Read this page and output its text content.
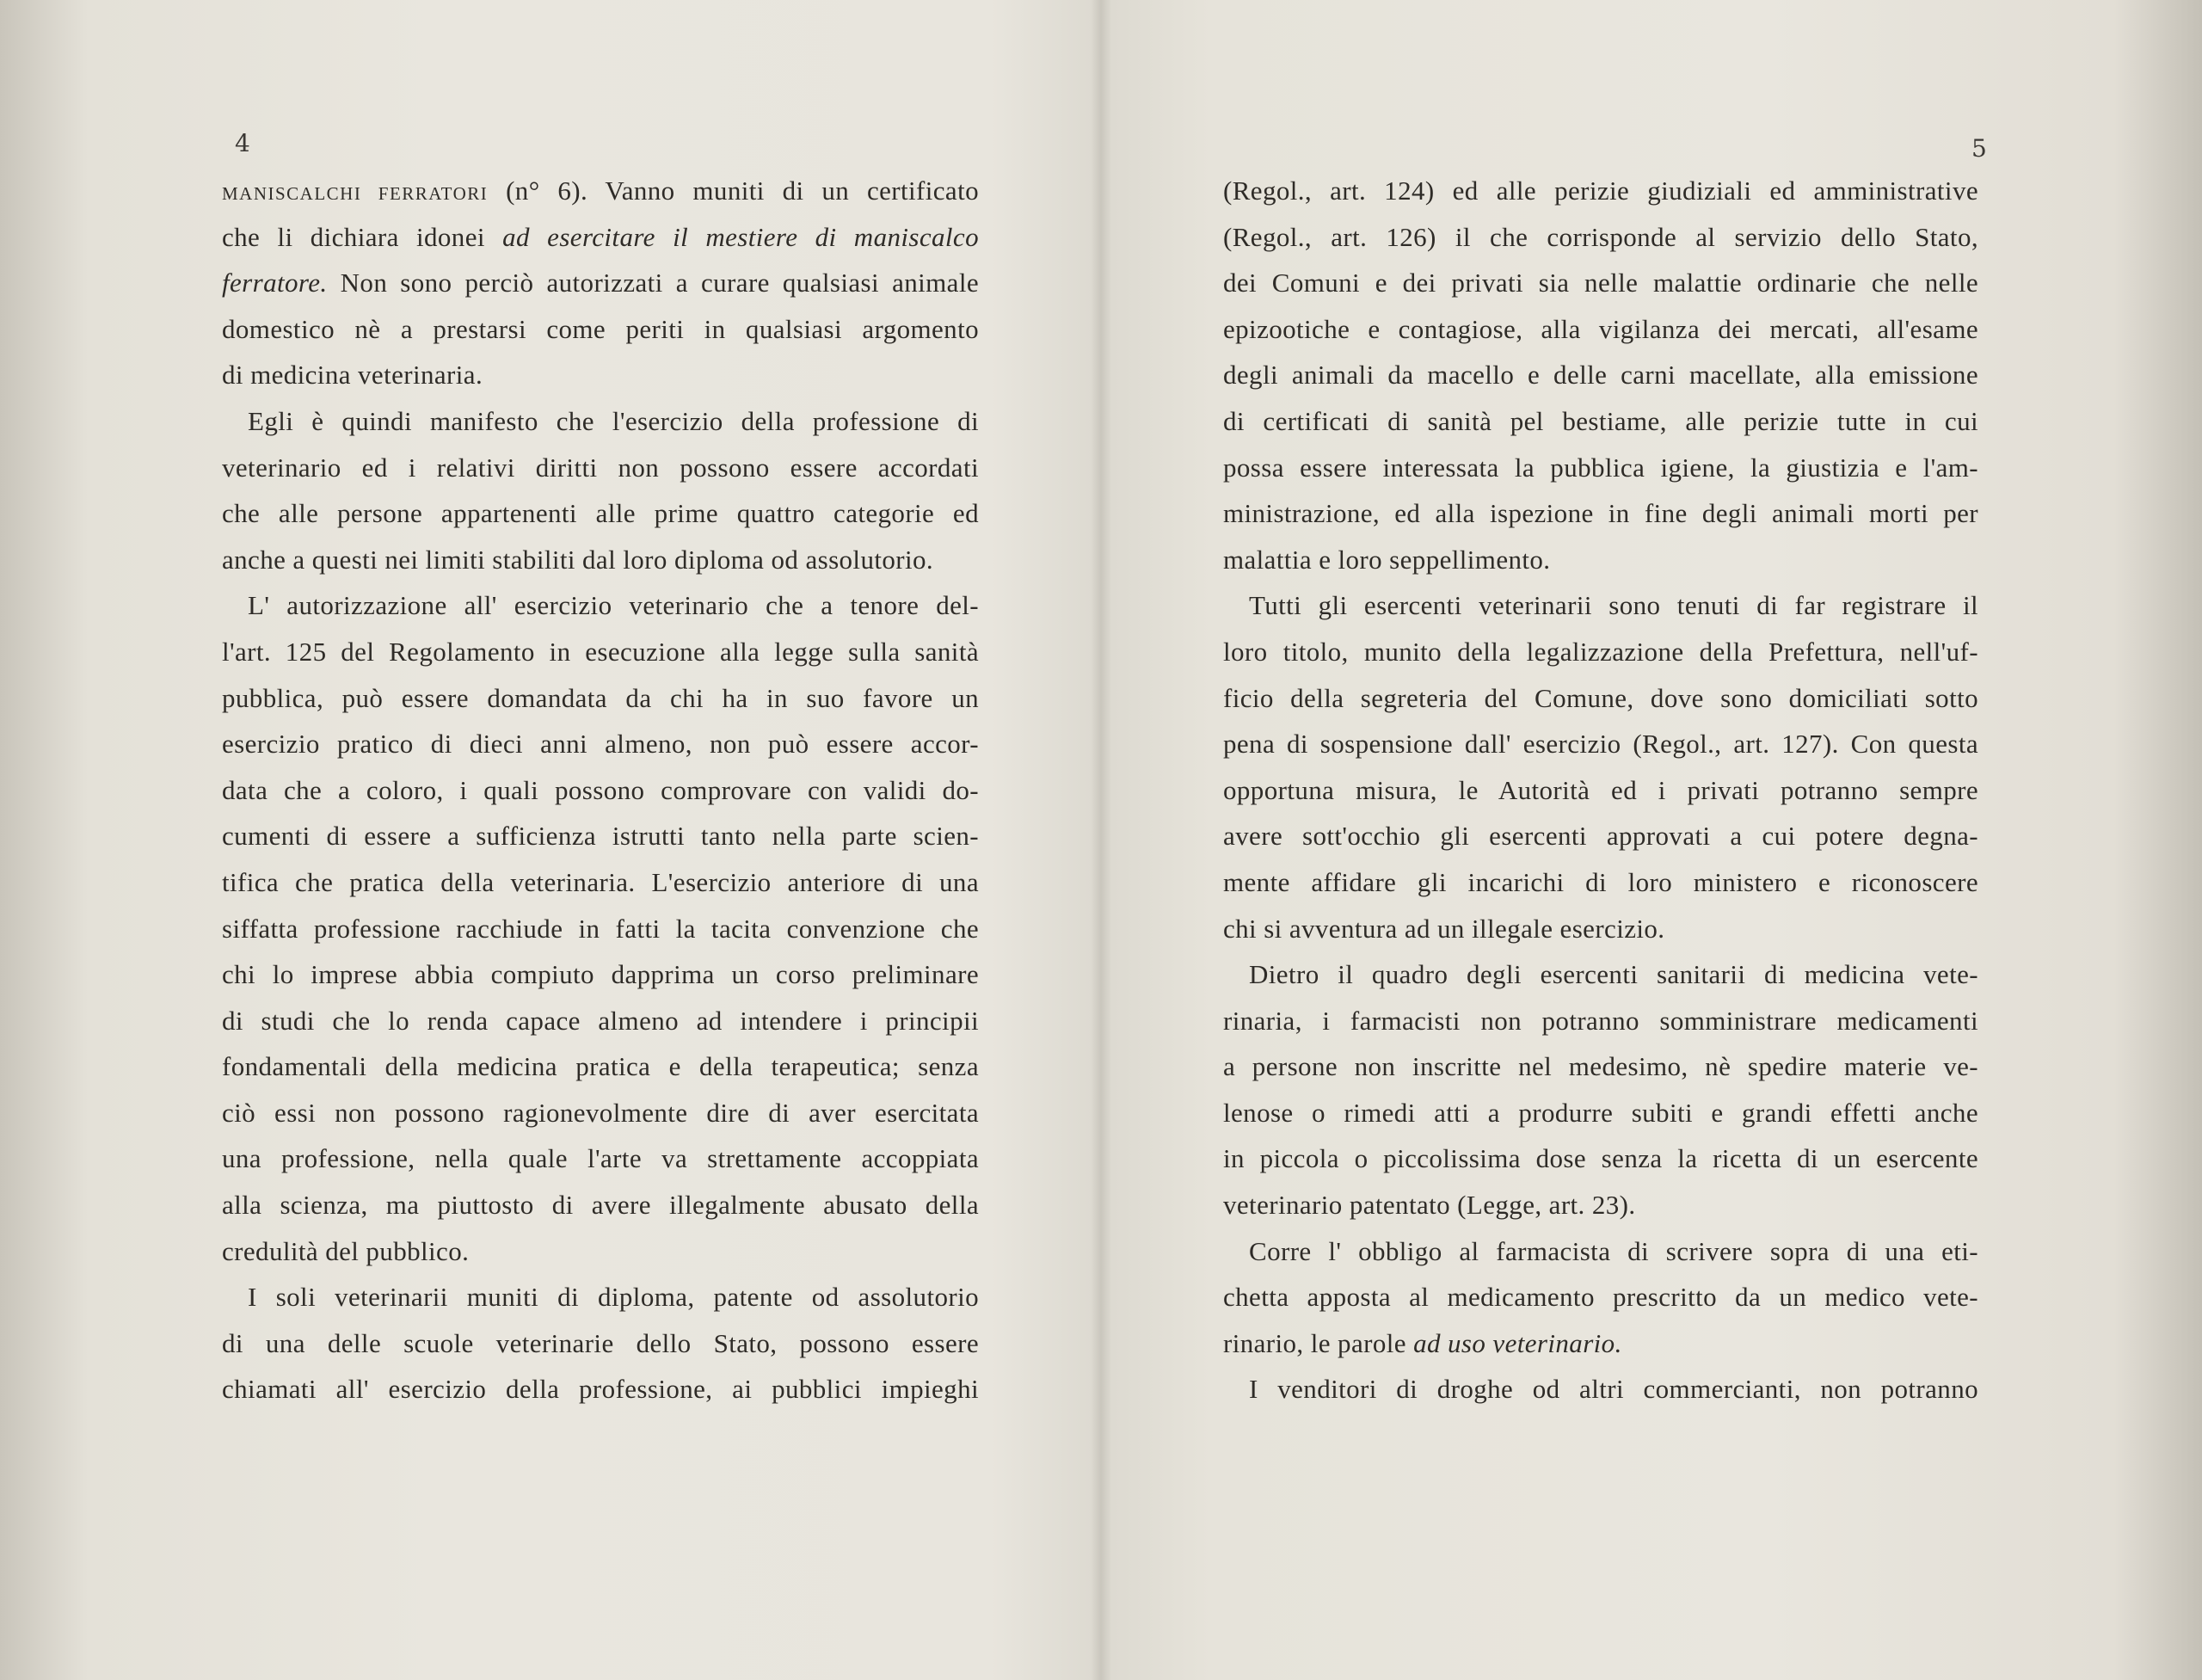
4
MANISCALCHI FERRATORI (n° 6). Vanno muniti di un certificato
che li dichiara idonei ad esercitare il mestiere di maniscalco
ferratore. Non sono perciò autorizzati a curare qualsiasi animale
domestico nè a prestarsi come periti in qualsiasi argomento
di medicina veterinaria.
Egli è quindi manifesto che l'esercizio della professione di
veterinario ed i relativi diritti non possono essere accordati
che alle persone appartenenti alle prime quattro categorie ed
anche a questi nei limiti stabiliti dal loro diploma od assolutorio.
L' autorizzazione all' esercizio veterinario che a tenore del-
l'art. 125 del Regolamento in esecuzione alla legge sulla sanità
pubblica, può essere domandata da chi ha in suo favore un
esercizio pratico di dieci anni almeno, non può essere accor-
data che a coloro, i quali possono comprovare con validi do-
cumenti di essere a sufficienza istrutti tanto nella parte scien-
tifica che pratica della veterinaria. L'esercizio anteriore di una
siffatta professione racchiude in fatti la tacita convenzione che
chi lo imprese abbia compiuto dapprima un corso preliminare
di studi che lo renda capace almeno ad intendere i principii
fondamentali della medicina pratica e della terapeutica; senza
ciò essi non possono ragionevolmente dire di aver esercitata
una professione, nella quale l'arte va strettamente accoppiata
alla scienza, ma piuttosto di avere illegalmente abusato della
credulità del pubblico.
I soli veterinarii muniti di diploma, patente od assolutorio
di una delle scuole veterinarie dello Stato, possono essere
chiamati all' esercizio della professione, ai pubblici impieghi
5
(Regol., art. 124) ed alle perizie giudiziali ed amministrative
(Regol., art. 126) il che corrisponde al servizio dello Stato,
dei Comuni e dei privati sia nelle malattie ordinarie che nelle
epizootiche e contagiose, alla vigilanza dei mercati, all'esame
degli animali da macello e delle carni macellate, alla emissione
di certificati di sanità pel bestiame, alle perizie tutte in cui
possa essere interessata la pubblica igiene, la giustizia e l'am-
ministrazione, ed alla ispezione in fine degli animali morti per
malattia e loro seppellimento.
Tutti gli esercenti veterinarii sono tenuti di far registrare il
loro titolo, munito della legalizzazione della Prefettura, nell'uf-
ficio della segreteria del Comune, dove sono domiciliati sotto
pena di sospensione dall' esercizio (Regol., art. 127). Con questa
opportuna misura, le Autorità ed i privati potranno sempre
avere sott'occhio gli esercenti approvati a cui potere degna-
mente affidare gli incarichi di loro ministero e riconoscere
chi si avventura ad un illegale esercizio.
Dietro il quadro degli esercenti sanitarii di medicina vete-
rinaria, i farmacisti non potranno somministrare medicamenti
a persone non inscritte nel medesimo, nè spedire materie ve-
lenose o rimedi atti a produrre subiti e grandi effetti anche
in piccola o piccolissima dose senza la ricetta di un esercente
veterinario patentato (Legge, art. 23).
Corre l' obbligo al farmacista di scrivere sopra di una eti-
chetta apposta al medicamento prescritto da un medico vete-
rinario, le parole ad uso veterinario.
I venditori di droghe od altri commercianti, non potranno
